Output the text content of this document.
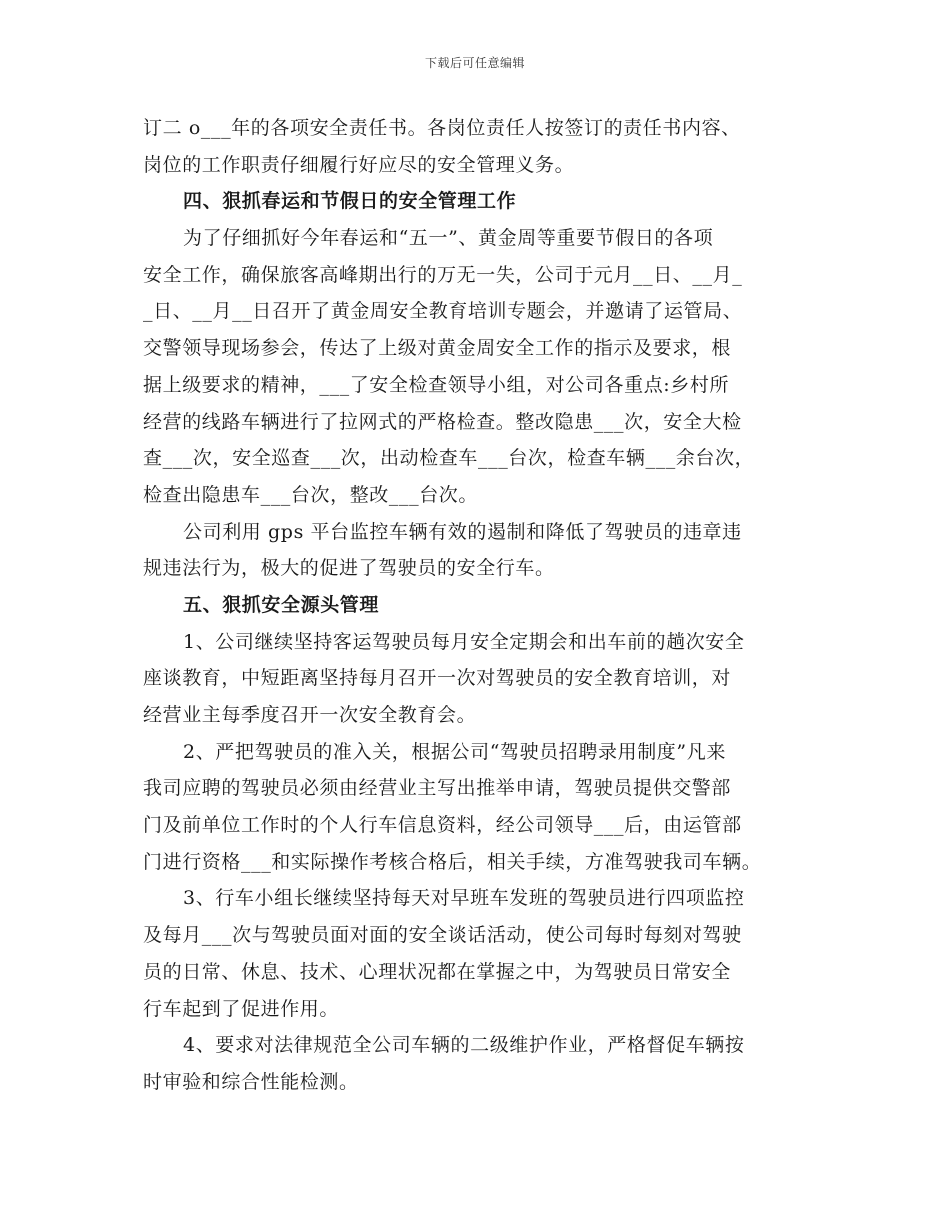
下载后可任意编辑
订二 o___年的各项安全责任书。各岗位责任人按签订的责任书内容、
岗位的工作职责仔细履行好应尽的安全管理义务。
四、狠抓春运和节假日的安全管理工作
为了仔细抓好今年春运和“五一”、黄金周等重要节假日的各项
安全工作，确保旅客高峰期出行的万无一失，公司于元月__日、__月_
_日、__月__日召开了黄金周安全教育培训专题会，并邀请了运管局、
交警领导现场参会，传达了上级对黄金周安全工作的指示及要求，根
据上级要求的精神，___了安全检查领导小组，对公司各重点:乡村所
经营的线路车辆进行了拉网式的严格检查。整改隐患___次，安全大检
查___次，安全巡查___次，出动检查车___台次，检查车辆___余台次，
检查出隐患车___台次，整改___台次。
公司利用 gps 平台监控车辆有效的遏制和降低了驾驶员的违章违
规违法行为，极大的促进了驾驶员的安全行车。
五、狠抓安全源头管理
1、公司继续坚持客运驾驶员每月安全定期会和出车前的趟次安全
座谈教育，中短距离坚持每月召开一次对驾驶员的安全教育培训，对
经营业主每季度召开一次安全教育会。
2、严把驾驶员的准入关，根据公司“驾驶员招聘录用制度”凡来
我司应聘的驾驶员必须由经营业主写出推举申请，驾驶员提供交警部
门及前单位工作时的个人行车信息资料，经公司领导___后，由运管部
门进行资格___和实际操作考核合格后，相关手续，方准驾驶我司车辆。
3、行车小组长继续坚持每天对早班车发班的驾驶员进行四项监控
及每月___次与驾驶员面对面的安全谈话活动，使公司每时每刻对驾驶
员的日常、休息、技术、心理状况都在掌握之中，为驾驶员日常安全
行车起到了促进作用。
4、要求对法律规范全公司车辆的二级维护作业，严格督促车辆按
时审验和综合性能检测。
